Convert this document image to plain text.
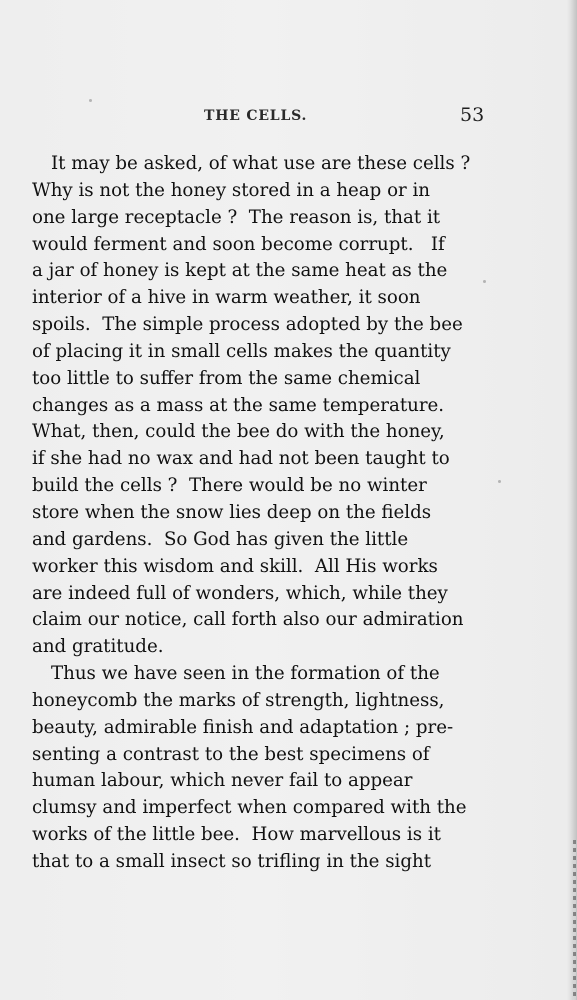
THE CELLS.	53
It may be asked, of what use are these cells ?
Why is not the honey stored in a heap or in
one large receptacle ?  The reason is, that it
would ferment and soon become corrupt.   If
a jar of honey is kept at the same heat as the
interior of a hive in warm weather, it soon
spoils.  The simple process adopted by the bee
of placing it in small cells makes the quantity
too little to suffer from the same chemical
changes as a mass at the same temperature.
What, then, could the bee do with the honey,
if she had no wax and had not been taught to
build the cells ?  There would be no winter
store when the snow lies deep on the fields
and gardens.  So God has given the little
worker this wisdom and skill.  All His works
are indeed full of wonders, which, while they
claim our notice, call forth also our admiration
and gratitude.
Thus we have seen in the formation of the
honeycomb the marks of strength, lightness,
beauty, admirable finish and adaptation ; pre-
senting a contrast to the best specimens of
human labour, which never fail to appear
clumsy and imperfect when compared with the
works of the little bee.  How marvellous is it
that to a small insect so trifling in the sight
